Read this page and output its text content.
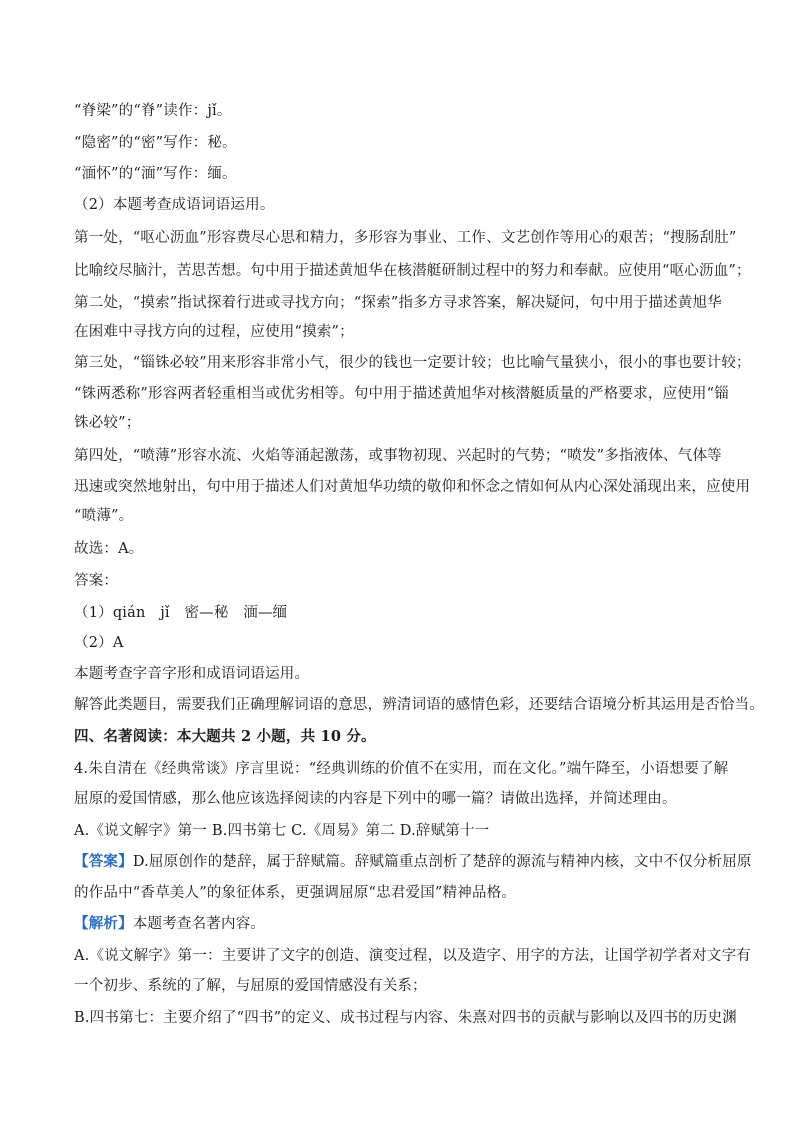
“脊梁”的“脊”读作：jǐ。

“隐密”的“密”写作：秘。

“湎怀”的“湎”写作：缅。

（2）本题考查成语词语运用。

第一处，“呕心沥血”形容费尽心思和精力，多形容为事业、工作、文艺创作等用心的艰苦；“搜肠刮肚”

比喻绞尽脑汁，苦思苦想。句中用于描述黄旭华在核潜艇研制过程中的努力和奉献。应使用“呕心沥血”；

第二处，“摸索”指试探着行进或寻找方向；“探索”指多方寻求答案，解决疑问，句中用于描述黄旭华

在困难中寻找方向的过程，应使用“摸索”；

第三处，“锱铢必较”用来形容非常小气，很少的钱也一定要计较；也比喻气量狭小，很小的事也要计较；

“铢两悉称”形容两者轻重相当或优劣相等。句中用于描述黄旭华对核潜艇质量的严格要求，应使用“锱

铢必较”；

第四处，“喷薄”形容水流、火焰等涌起激荡，或事物初现、兴起时的气势；“喷发”多指液体、气体等

迅速或突然地射出，句中用于描述人们对黄旭华功绩的敬仰和怀念之情如何从内心深处涌现出来，应使用

“喷薄”。

故选：A。

答案：

（1）qián　jǐ　密—秘　湎—缅

（2）A

本题考查字音字形和成语词语运用。

解答此类题目，需要我们正确理解词语的意思，辨清词语的感情色彩，还要结合语境分析其运用是否恰当。

四、名著阅读：本大题共 2 小题，共 10 分。

4.朱自清在《经典常谈》序言里说：“经典训练的价值不在实用，而在文化。”端午降至，小语想要了解

屈原的爱国情感，那么他应该选择阅读的内容是下列中的哪一篇？请做出选择，并简述理由。

A.《说文解字》第一 B.四书第七 C.《周易》第二 D.辞赋第十一

【答案】D.屈原创作的楚辞，属于辞赋篇。辞赋篇重点剖析了楚辞的源流与精神内核，文中不仅分析屈原

的作品中“香草美人”的象征体系，更强调屈原“忠君爱国”精神品格。

【解析】本题考查名著内容。

A.《说文解字》第一：主要讲了文字的创造、演变过程，以及造字、用字的方法，让国学初学者对文字有

一个初步、系统的了解，与屈原的爱国情感没有关系；

B.四书第七：主要介绍了“四书”的定义、成书过程与内容、朱熹对四书的贡献与影响以及四书的历史渊
